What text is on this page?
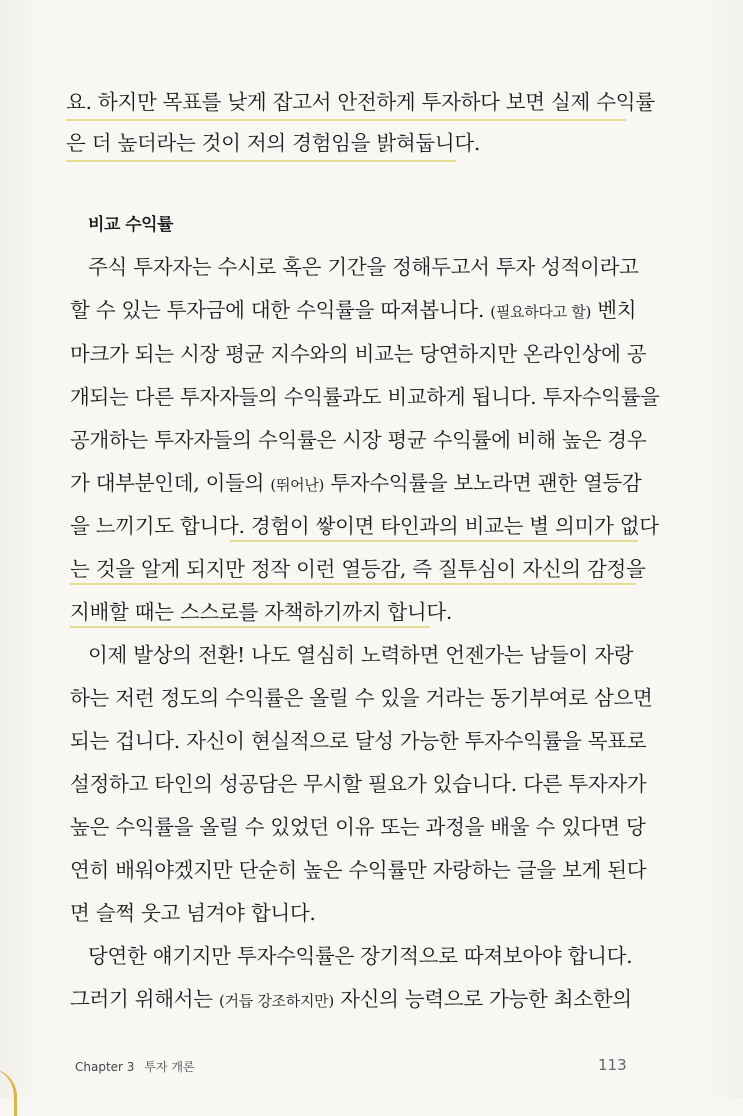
요. 하지만 목표를 낮게 잡고서 안전하게 투자하다 보면 실제 수익률
은 더 높더라는 것이 저의 경험임을 밝혀둡니다.
비교 수익률
주식 투자자는 수시로 혹은 기간을 정해두고서 투자 성적이라고
할 수 있는 투자금에 대한 수익률을 따져봅니다. (필요하다고 할) 벤치
마크가 되는 시장 평균 지수와의 비교는 당연하지만 온라인상에 공
개되는 다른 투자자들의 수익률과도 비교하게 됩니다. 투자수익률을
공개하는 투자자들의 수익률은 시장 평균 수익률에 비해 높은 경우
가 대부분인데, 이들의 (뛰어난) 투자수익률을 보노라면 괜한 열등감
을 느끼기도 합니다. 경험이 쌓이면 타인과의 비교는 별 의미가 없다
는 것을 알게 되지만 정작 이런 열등감, 즉 질투심이 자신의 감정을
지배할 때는 스스로를 자책하기까지 합니다.
이제 발상의 전환! 나도 열심히 노력하면 언젠가는 남들이 자랑
하는 저런 정도의 수익률은 올릴 수 있을 거라는 동기부여로 삼으면
되는 겁니다. 자신이 현실적으로 달성 가능한 투자수익률을 목표로
설정하고 타인의 성공담은 무시할 필요가 있습니다. 다른 투자자가
높은 수익률을 올릴 수 있었던 이유 또는 과정을 배울 수 있다면 당
연히 배워야겠지만 단순히 높은 수익률만 자랑하는 글을 보게 된다
면 슬쩍 웃고 넘겨야 합니다.
당연한 얘기지만 투자수익률은 장기적으로 따져보아야 합니다.
그러기 위해서는 (거듭 강조하지만) 자신의 능력으로 가능한 최소한의
Chapter 3 투자 개론	113
